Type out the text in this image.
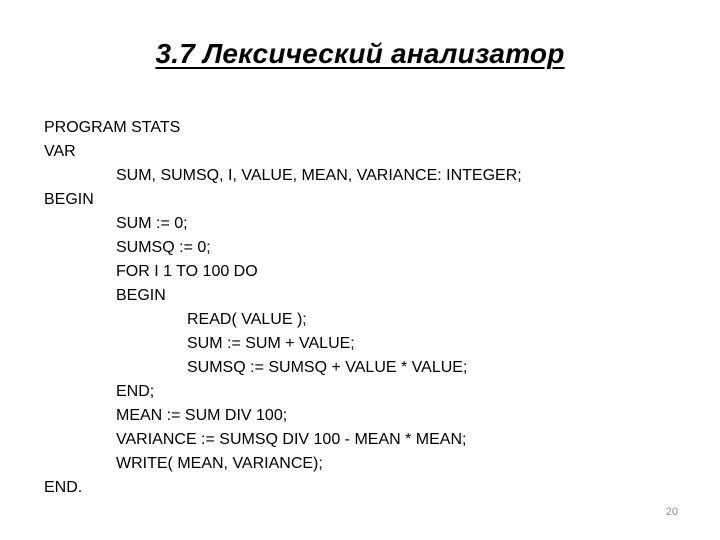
3.7 Лексический анализатор
PROGRAM STATS
VAR
SUM, SUMSQ, I, VALUE, MEAN, VARIANCE: INTEGER;
BEGIN
SUM := 0;
SUMSQ := 0;
FOR I 1 TO 100 DO
BEGIN
READ( VALUE );
SUM := SUM + VALUE;
SUMSQ := SUMSQ + VALUE * VALUE;
END;
MEAN := SUM DIV 100;
VARIANCE := SUMSQ DIV 100 - MEAN * MEAN;
WRITE( MEAN, VARIANCE);
END.
20
